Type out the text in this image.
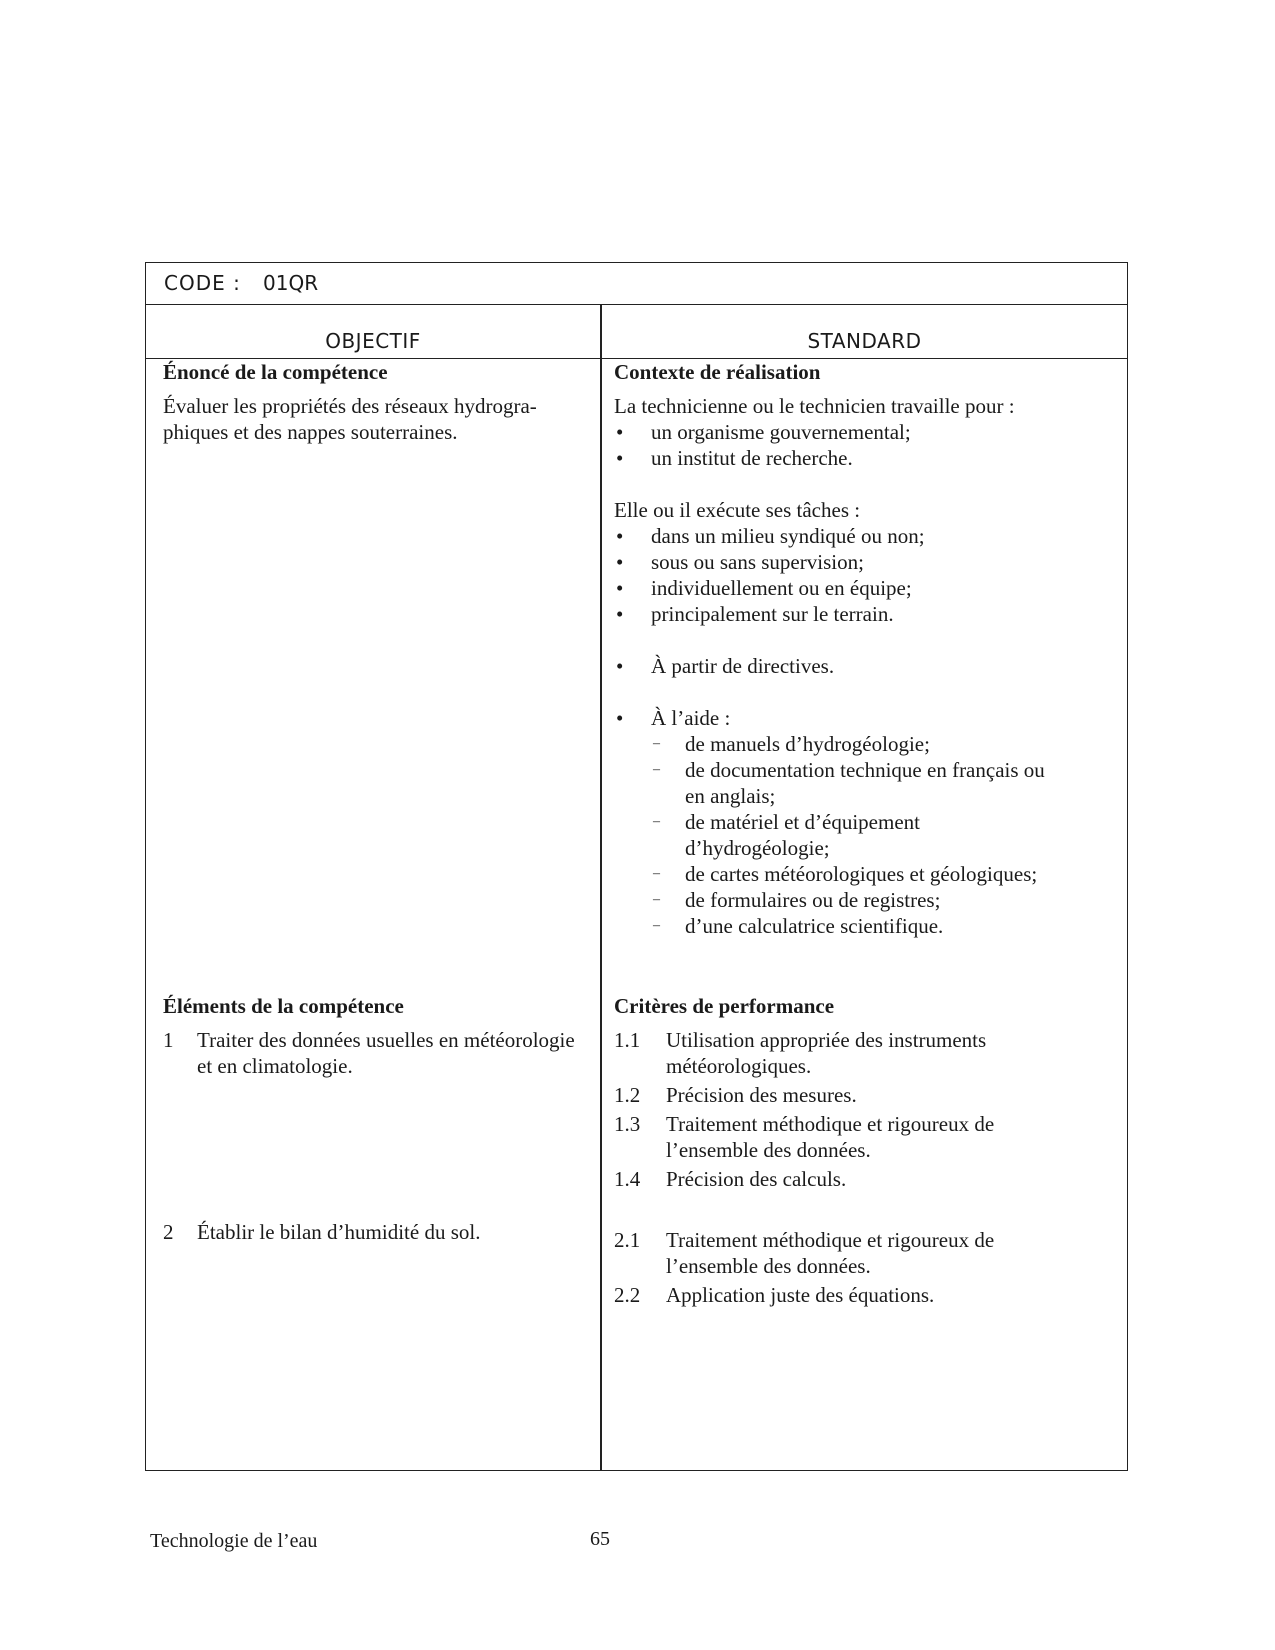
CODE : 01QR
OBJECTIF	STANDARD
Énoncé de la compétence
Évaluer les propriétés des réseaux hydrogra-
phiques et des nappes souterraines.
Éléments de la compétence
1 Traiter des données usuelles en météorologie et en climatologie.
2 Établir le bilan d’humidité du sol.
Contexte de réalisation
La technicienne ou le technicien travaille pour :
• un organisme gouvernemental;
• un institut de recherche.
Elle ou il exécute ses tâches :
• dans un milieu syndiqué ou non;
• sous ou sans supervision;
• individuellement ou en équipe;
• principalement sur le terrain.
• À partir de directives.
• À l’aide :
– de manuels d’hydrogéologie;
– de documentation technique en français ou en anglais;
– de matériel et d’équipement d’hydrogéologie;
– de cartes météorologiques et géologiques;
– de formulaires ou de registres;
– d’une calculatrice scientifique.
Critères de performance
1.1 Utilisation appropriée des instruments météorologiques.
1.2 Précision des mesures.
1.3 Traitement méthodique et rigoureux de l’ensemble des données.
1.4 Précision des calculs.
2.1 Traitement méthodique et rigoureux de l’ensemble des données.
2.2 Application juste des équations.
Technologie de l’eau	65
